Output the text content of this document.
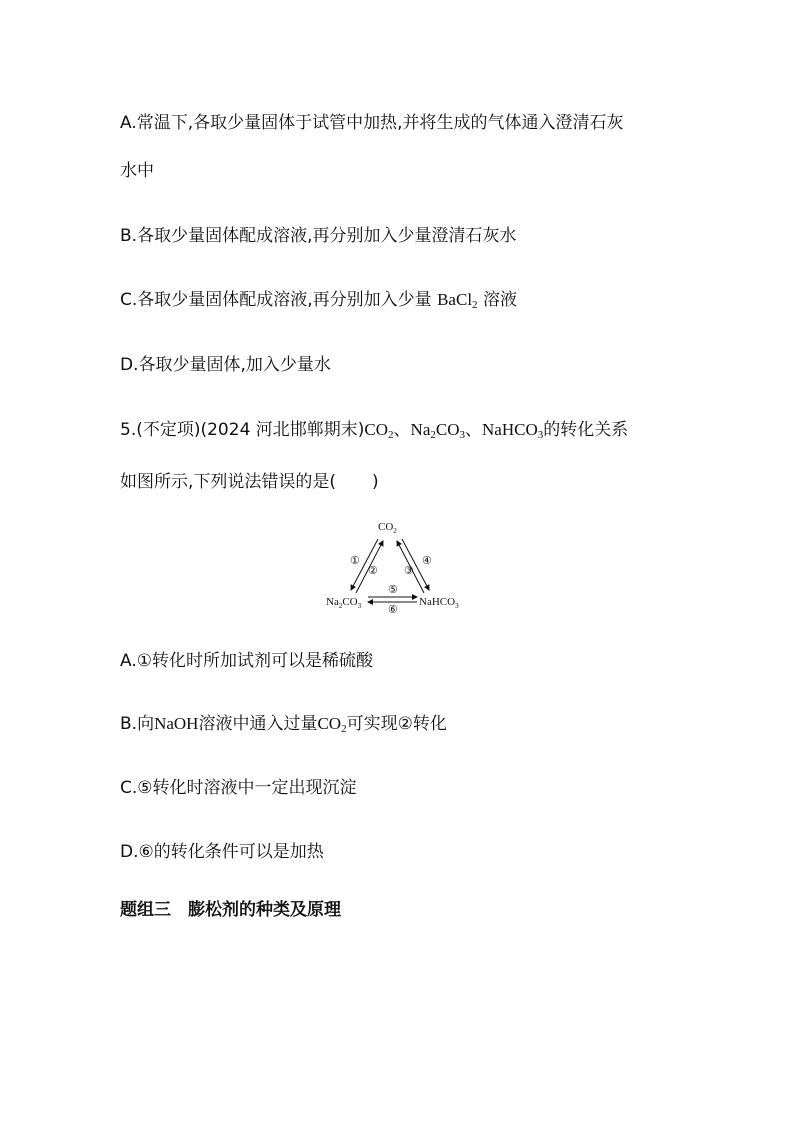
A.常温下,各取少量固体于试管中加热,并将生成的气体通入澄清石灰
水中
B.各取少量固体配成溶液,再分别加入少量澄清石灰水
C.各取少量固体配成溶液,再分别加入少量 BaCl$_2$ 溶液
D.各取少量固体,加入少量水
5.(不定项)(2024 河北邯郸期末)$CO_2$、$Na_2CO_3$、NaHCO$_3$的转化关系
如图所示,下列说法错误的是( )
$CO_2$
$Na_2CO_3$	NaHCO$_3$
①
② ③
④
⑤
⑥
A.①转化时所加试剂可以是稀硫酸
B.向NaOH溶液中通入过量$CO_2$可实现②转化
C.⑤转化时溶液中一定出现沉淀
D.⑥的转化条件可以是加热
题组三　膨松剂的种类及原理
